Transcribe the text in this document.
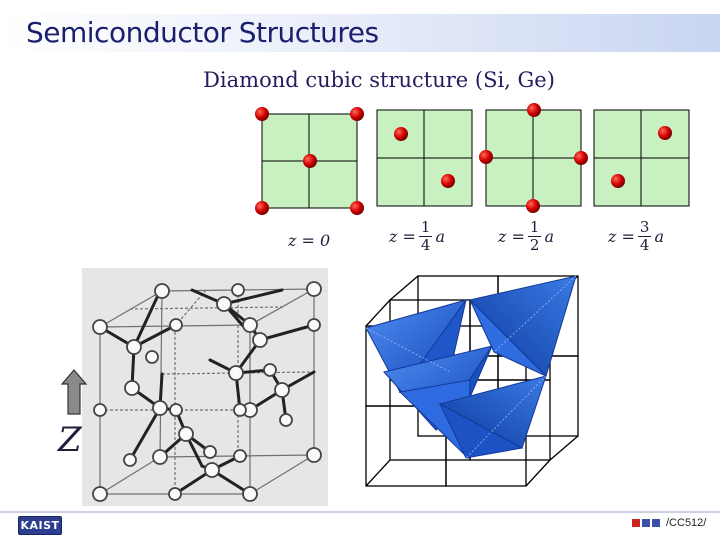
Semiconductor Structures
Diamond cubic structure (Si, Ge)
z = 0	$z = \frac{1}{4}$ a	$z = \frac{1}{2}$ a	$z = \frac{3}{4}$ a
Z
KAIST	/CC512/
